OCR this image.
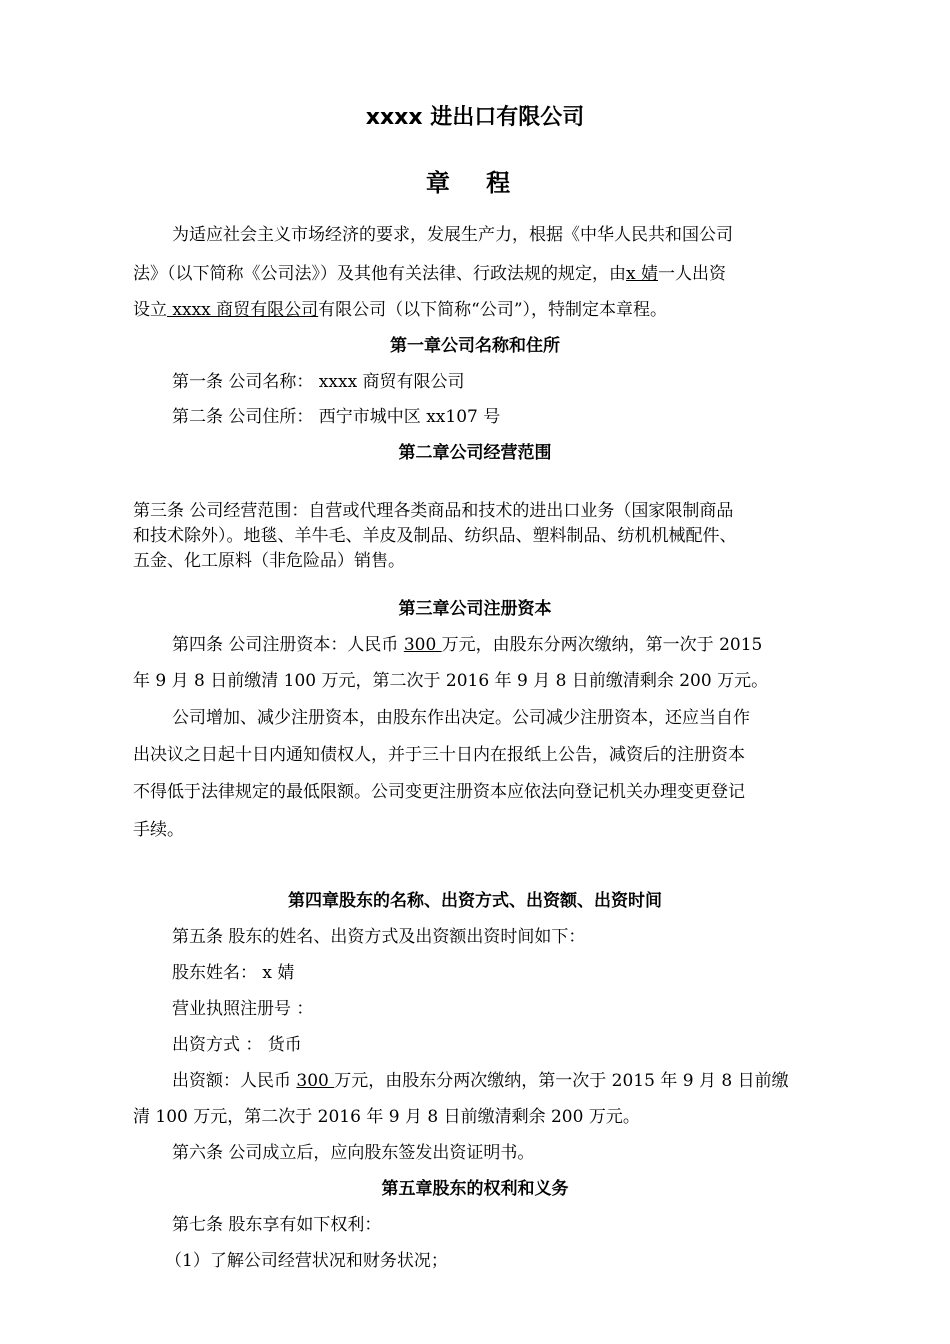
xxxx 进出口有限公司
章 程
为适应社会主义市场经济的要求，发展生产力，根据《中华人民共和国公司
法》（以下简称《公司法》）及其他有关法律、行政法规的规定，由x 婧一人出资
设立 xxxx 商贸有限公司有限公司（以下简称“公司”），特制定本章程。
第一章公司名称和住所
第一条 公司名称： xxxx 商贸有限公司
第二条 公司住所： 西宁市城中区 xx107 号
第二章公司经营范围
第三条 公司经营范围：自营或代理各类商品和技术的进出口业务（国家限制商品
和技术除外）。地毯、羊牛毛、羊皮及制品、纺织品、塑料制品、纺机机械配件、
五金、化工原料（非危险品）销售。
第三章公司注册资本
第四条 公司注册资本：人民币 300 万元，由股东分两次缴纳，第一次于 2015
年 9 月 8 日前缴清 100 万元，第二次于 2016 年 9 月 8 日前缴清剩余 200 万元。
公司增加、减少注册资本，由股东作出决定。公司减少注册资本，还应当自作
出决议之日起十日内通知债权人，并于三十日内在报纸上公告，减资后的注册资本
不得低于法律规定的最低限额。公司变更注册资本应依法向登记机关办理变更登记
手续。
第四章股东的名称、出资方式、出资额、出资时间
第五条 股东的姓名、出资方式及出资额出资时间如下：
股东姓名： x 婧
营业执照注册号 ：
出资方式 ： 货币
出资额：人民币 300 万元，由股东分两次缴纳，第一次于 2015 年 9 月 8 日前缴
清 100 万元，第二次于 2016 年 9 月 8 日前缴清剩余 200 万元。
第六条 公司成立后，应向股东签发出资证明书。
第五章股东的权利和义务
第七条 股东享有如下权利：
（1）了解公司经营状况和财务状况；
